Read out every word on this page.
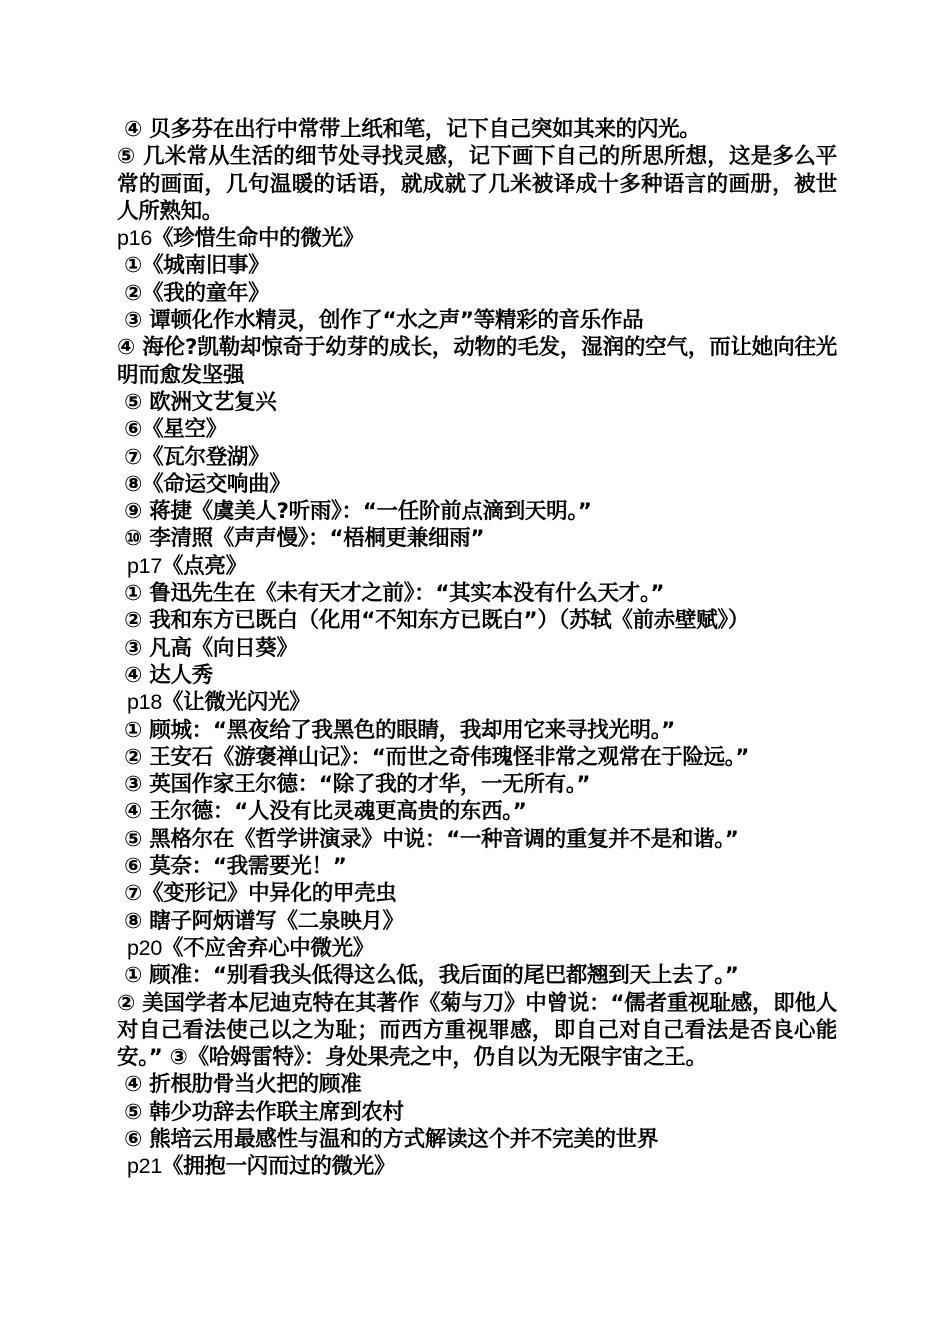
④ 贝多芬在出行中常带上纸和笔，记下自己突如其来的闪光。
⑤ 几米常从生活的细节处寻找灵感，记下画下自己的所思所想，这是多么平常的画面，几句温暖的话语，就成就了几米被译成十多种语言的画册，被世人所熟知。
p16《珍惜生命中的微光》
①《城南旧事》
②《我的童年》
③ 谭顿化作水精灵，创作了“水之声”等精彩的音乐作品
④ 海伦?凯勒却惊奇于幼芽的成长，动物的毛发，湿润的空气，而让她向往光明而愈发坚强
⑤ 欧洲文艺复兴
⑥《星空》
⑦《瓦尔登湖》
⑧《命运交响曲》
⑨ 蒋捷《虞美人?听雨》：“一任阶前点滴到天明。”
⑩ 李清照《声声慢》：“梧桐更兼细雨”
p17《点亮》
① 鲁迅先生在《未有天才之前》：“其实本没有什么天才。”
② 我和东方已既白（化用“不知东方已既白”）（苏轼《前赤壁赋》）
③ 凡高《向日葵》
④ 达人秀
p18《让微光闪光》
① 顾城：“黑夜给了我黑色的眼睛，我却用它来寻找光明。”
② 王安石《游褒禅山记》：“而世之奇伟瑰怪非常之观常在于险远。”
③ 英国作家王尔德：“除了我的才华，一无所有。”
④ 王尔德：“人没有比灵魂更高贵的东西。”
⑤ 黑格尔在《哲学讲演录》中说：“一种音调的重复并不是和谐。”
⑥ 莫奈：“我需要光！”
⑦《变形记》中异化的甲壳虫
⑧ 瞎子阿炳谱写《二泉映月》
p20《不应舍弃心中微光》
① 顾准：“别看我头低得这么低，我后面的尾巴都翘到天上去了。”
② 美国学者本尼迪克特在其著作《菊与刀》中曾说：“儒者重视耻感，即他人对自己看法使己以之为耻；而西方重视罪感，即自己对自己看法是否良心能安。” ③《哈姆雷特》：身处果壳之中，仍自以为无限宇宙之王。
④ 折根肋骨当火把的顾准
⑤ 韩少功辞去作联主席到农村
⑥ 熊培云用最感性与温和的方式解读这个并不完美的世界
p21《拥抱一闪而过的微光》
